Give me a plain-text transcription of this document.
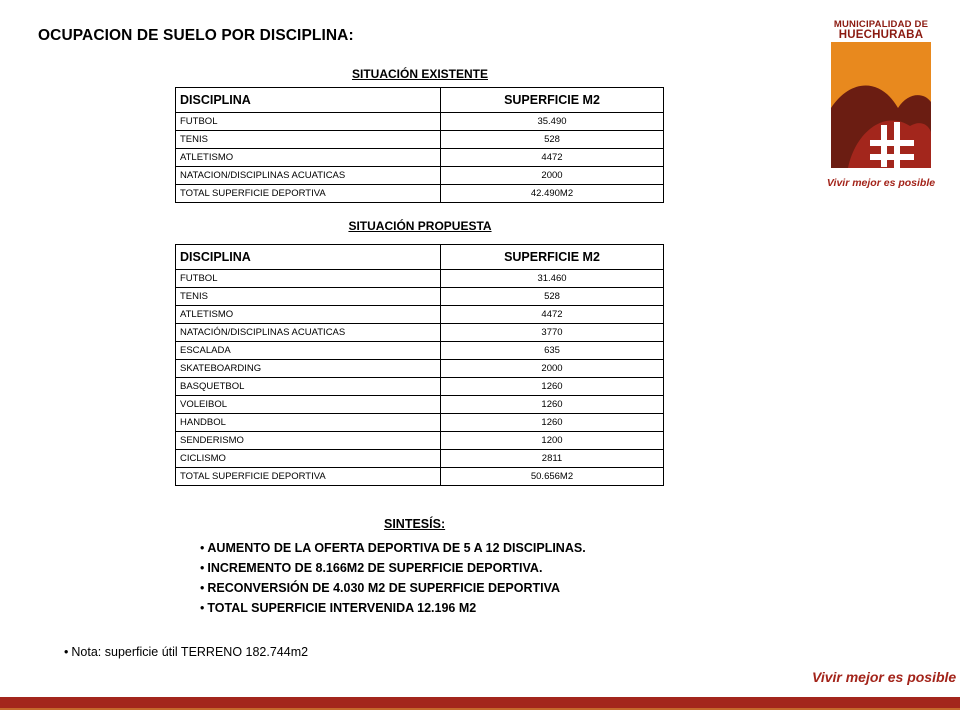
OCUPACION DE SUELO POR DISCIPLINA:
SITUACIÓN EXISTENTE
DISCIPLINA	SUPERFICIE M2
FUTBOL	35.490
TENIS	528
ATLETISMO	4472
NATACION/DISCIPLINAS ACUATICAS	2000
TOTAL SUPERFICIE DEPORTIVA	42.490M2
SITUACIÓN PROPUESTA
DISCIPLINA	SUPERFICIE M2
FUTBOL	31.460
TENIS	528
ATLETISMO	4472
NATACIÓN/DISCIPLINAS ACUATICAS	3770
ESCALADA	635
SKATEBOARDING	2000
BASQUETBOL	1260
VOLEIBOL	1260
HANDBOL	1260
SENDERISMO	1200
CICLISMO	2811
TOTAL SUPERFICIE DEPORTIVA	50.656M2
SINTESÍS:
• AUMENTO DE LA OFERTA DEPORTIVA DE 5 A 12 DISCIPLINAS.
• INCREMENTO DE 8.166M2 DE SUPERFICIE DEPORTIVA.
• RECONVERSIÓN DE 4.030 M2 DE SUPERFICIE DEPORTIVA
• TOTAL SUPERFICIE INTERVENIDA 12.196 M2
• Nota: superficie útil TERRENO 182.744m2
MUNICIPALIDAD DE
HUECHURABA
Vivir mejor es posible
Vivir mejor es posible
